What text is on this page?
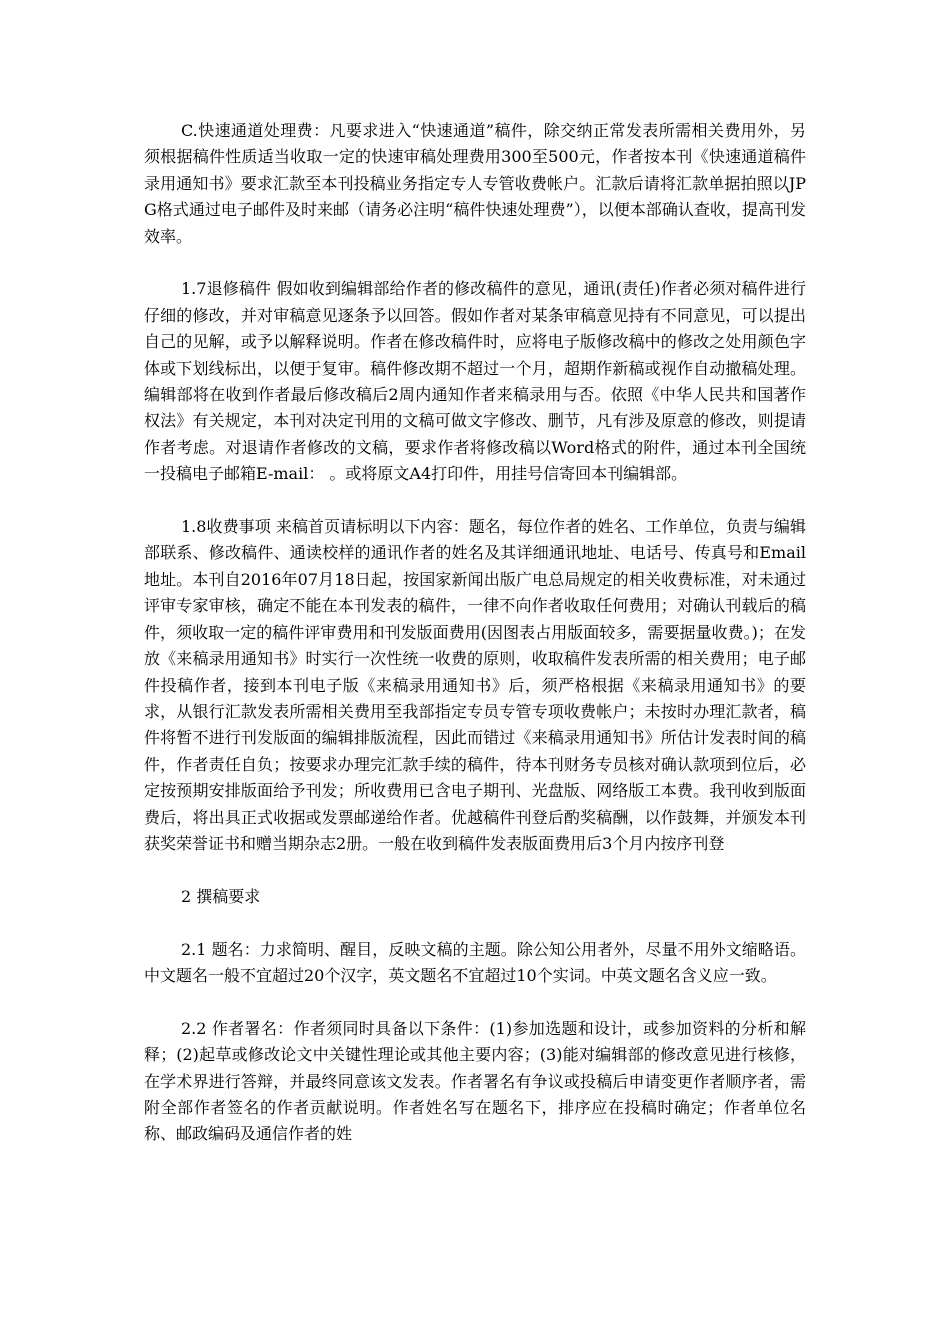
C.快速通道处理费：凡要求进入“快速通道”稿件，除交纳正常发表所需相关费用外，另须根据稿件性质适当收取一定的快速审稿处理费用300至500元，作者按本刊《快速通道稿件录用通知书》要求汇款至本刊投稿业务指定专人专管收费帐户。汇款后请将汇款单据拍照以JPG格式通过电子邮件及时来邮（请务必注明“稿件快速处理费”），以便本部确认查收，提高刊发效率。

1.7退修稿件 假如收到编辑部给作者的修改稿件的意见，通讯(责任)作者必须对稿件进行仔细的修改，并对审稿意见逐条予以回答。假如作者对某条审稿意见持有不同意见，可以提出自己的见解，或予以解释说明。作者在修改稿件时，应将电子版修改稿中的修改之处用颜色字体或下划线标出，以便于复审。稿件修改期不超过一个月，超期作新稿或视作自动撤稿处理。编辑部将在收到作者最后修改稿后2周内通知作者来稿录用与否。依照《中华人民共和国著作权法》有关规定，本刊对决定刊用的文稿可做文字修改、删节，凡有涉及原意的修改，则提请作者考虑。对退请作者修改的文稿，要求作者将修改稿以Word格式的附件，通过本刊全国统一投稿电子邮箱E-mail： 。或将原文A4打印件，用挂号信寄回本刊编辑部。

1.8收费事项 来稿首页请标明以下内容：题名，每位作者的姓名、工作单位，负责与编辑部联系、修改稿件、通读校样的通讯作者的姓名及其详细通讯地址、电话号、传真号和Email地址。本刊自2016年07月18日起，按国家新闻出版广电总局规定的相关收费标准，对未通过评审专家审核，确定不能在本刊发表的稿件，一律不向作者收取任何费用；对确认刊载后的稿件，须收取一定的稿件评审费用和刊发版面费用(因图表占用版面较多，需要据量收费。)；在发放《来稿录用通知书》时实行一次性统一收费的原则，收取稿件发表所需的相关费用；电子邮件投稿作者，接到本刊电子版《来稿录用通知书》后，须严格根据《来稿录用通知书》的要求，从银行汇款发表所需相关费用至我部指定专员专管专项收费帐户；未按时办理汇款者，稿件将暂不进行刊发版面的编辑排版流程，因此而错过《来稿录用通知书》所估计发表时间的稿件，作者责任自负；按要求办理完汇款手续的稿件，待本刊财务专员核对确认款项到位后，必定按预期安排版面给予刊发；所收费用已含电子期刊、光盘版、网络版工本费。我刊收到版面费后，将出具正式收据或发票邮递给作者。优越稿件刊登后酌奖稿酬，以作鼓舞，并颁发本刊获奖荣誉证书和赠当期杂志2册。一般在收到稿件发表版面费用后3个月内按序刊登

2 撰稿要求

2.1 题名：力求简明、醒目，反映文稿的主题。除公知公用者外，尽量不用外文缩略语。中文题名一般不宜超过20个汉字，英文题名不宜超过10个实词。中英文题名含义应一致。

2.2 作者署名：作者须同时具备以下条件：(1)参加选题和设计，或参加资料的分析和解释；(2)起草或修改论文中关键性理论或其他主要内容；(3)能对编辑部的修改意见进行核修，在学术界进行答辩，并最终同意该文发表。作者署名有争议或投稿后申请变更作者顺序者，需附全部作者签名的作者贡献说明。作者姓名写在题名下，排序应在投稿时确定；作者单位名称、邮政编码及通信作者的姓
